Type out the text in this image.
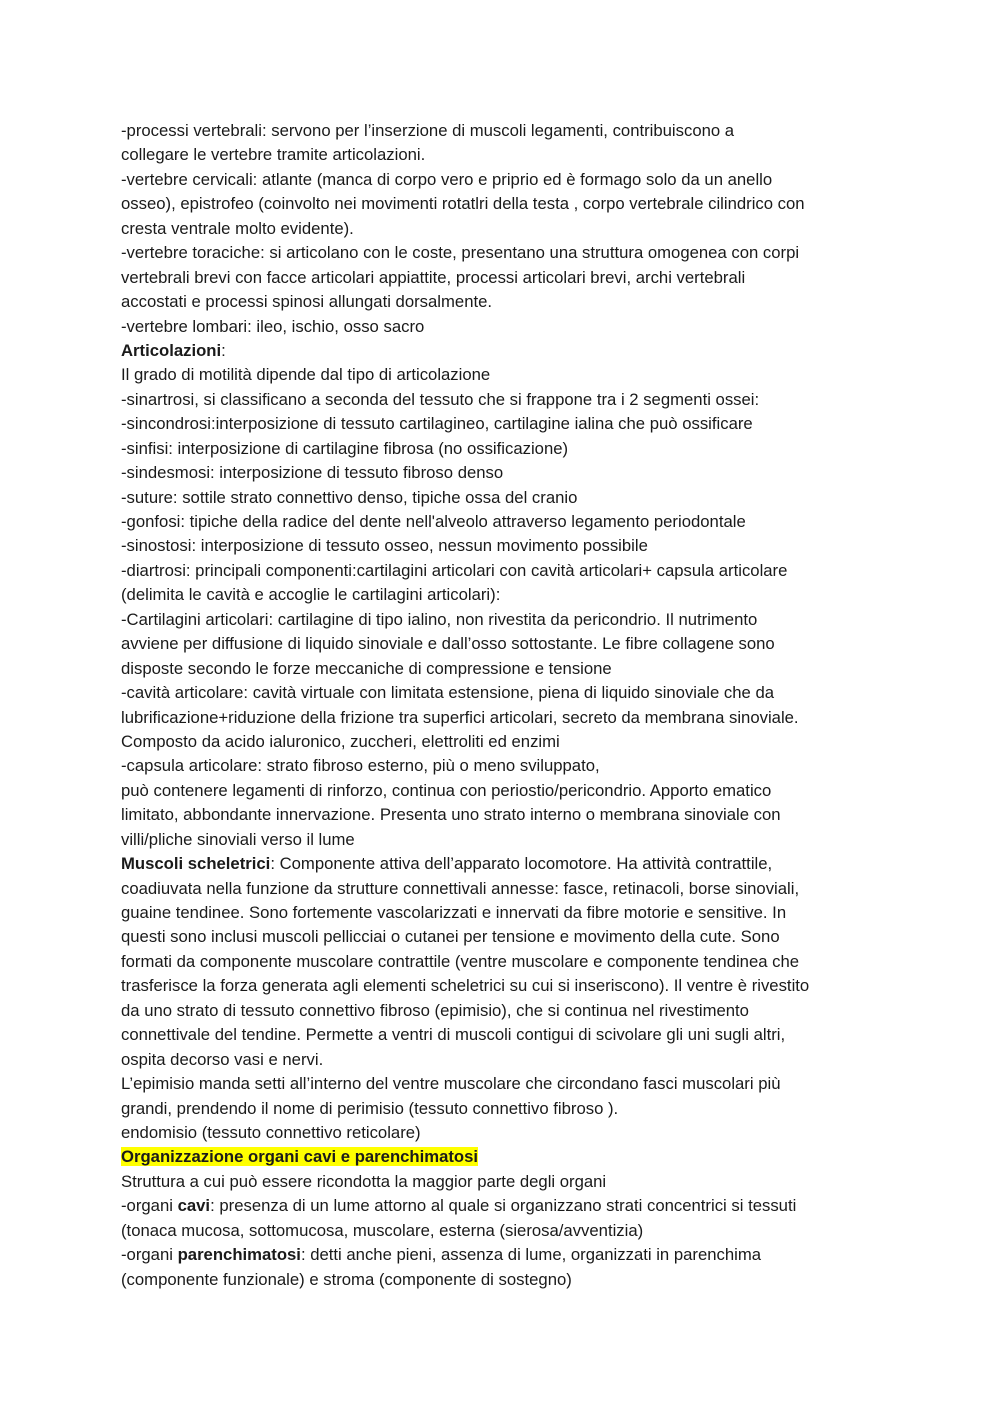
-processi vertebrali: servono per l’inserzione di muscoli legamenti, contribuiscono a
collegare le vertebre tramite articolazioni.
-vertebre cervicali: atlante (manca di corpo vero e priprio ed è formago solo da un anello
osseo), epistrofeo (coinvolto nei movimenti rotatlri della testa , corpo vertebrale cilindrico con
cresta ventrale molto evidente).
-vertebre toraciche: si articolano con le coste, presentano una struttura omogenea con corpi
vertebrali brevi con facce articolari appiattite, processi articolari brevi, archi vertebrali
accostati e processi spinosi allungati dorsalmente.
-vertebre lombari: ileo, ischio, osso sacro
Articolazioni:
Il grado di motilità dipende dal tipo di articolazione
-sinartrosi, si classificano a seconda del tessuto che si frappone tra i 2 segmenti ossei:
-sincondrosi:interposizione di tessuto cartilagineo, cartilagine ialina che può ossificare
-sinfisi: interposizione di cartilagine fibrosa (no ossificazione)
-sindesmosi: interposizione di tessuto fibroso denso
-suture: sottile strato connettivo denso, tipiche ossa del cranio
-gonfosi: tipiche della radice del dente nell'alveolo attraverso legamento periodontale
-sinostosi: interposizione di tessuto osseo, nessun movimento possibile
-diartrosi: principali componenti:cartilagini articolari con cavità articolari+ capsula articolare
(delimita le cavità e accoglie le cartilagini articolari):
-Cartilagini articolari: cartilagine di tipo ialino, non rivestita da pericondrio. Il nutrimento
avviene per diffusione di liquido sinoviale e dall’osso sottostante. Le fibre collagene sono
disposte secondo le forze meccaniche di compressione e tensione
-cavità articolare: cavità virtuale con limitata estensione, piena di liquido sinoviale che da
lubrificazione+riduzione della frizione tra superfici articolari, secreto da membrana sinoviale.
Composto da acido ialuronico, zuccheri, elettroliti ed enzimi
-capsula articolare: strato fibroso esterno, più o meno sviluppato,
può contenere legamenti di rinforzo, continua con periostio/pericondrio. Apporto ematico
limitato, abbondante innervazione. Presenta uno strato interno o membrana sinoviale con
villi/pliche sinoviali verso il lume
Muscoli scheletrici: Componente attiva dell’apparato locomotore. Ha attività contrattile,
coadiuvata nella funzione da strutture connettivali annesse: fasce, retinacoli, borse sinoviali,
guaine tendinee. Sono fortemente vascolarizzati e innervati da fibre motorie e sensitive. In
questi sono inclusi muscoli pellicciai o cutanei per tensione e movimento della cute. Sono
formati da componente muscolare contrattile (ventre muscolare e componente tendinea che
trasferisce la forza generata agli elementi scheletrici su cui si inseriscono). Il ventre è rivestito
da uno strato di tessuto connettivo fibroso (epimisio), che si continua nel rivestimento
connettivale del tendine. Permette a ventri di muscoli contigui di scivolare gli uni sugli altri,
ospita decorso vasi e nervi.
L’epimisio manda setti all’interno del ventre muscolare che circondano fasci muscolari più
grandi, prendendo il nome di perimisio (tessuto connettivo fibroso ).
endomisio (tessuto connettivo reticolare)
Organizzazione organi cavi e parenchimatosi
Struttura a cui può essere ricondotta la maggior parte degli organi
-organi cavi: presenza di un lume attorno al quale si organizzano strati concentrici si tessuti
(tonaca mucosa, sottomucosa, muscolare, esterna (sierosa/avventizia)
-organi parenchimatosi: detti anche pieni, assenza di lume, organizzati in parenchima
(componente funzionale) e stroma (componente di sostegno)
